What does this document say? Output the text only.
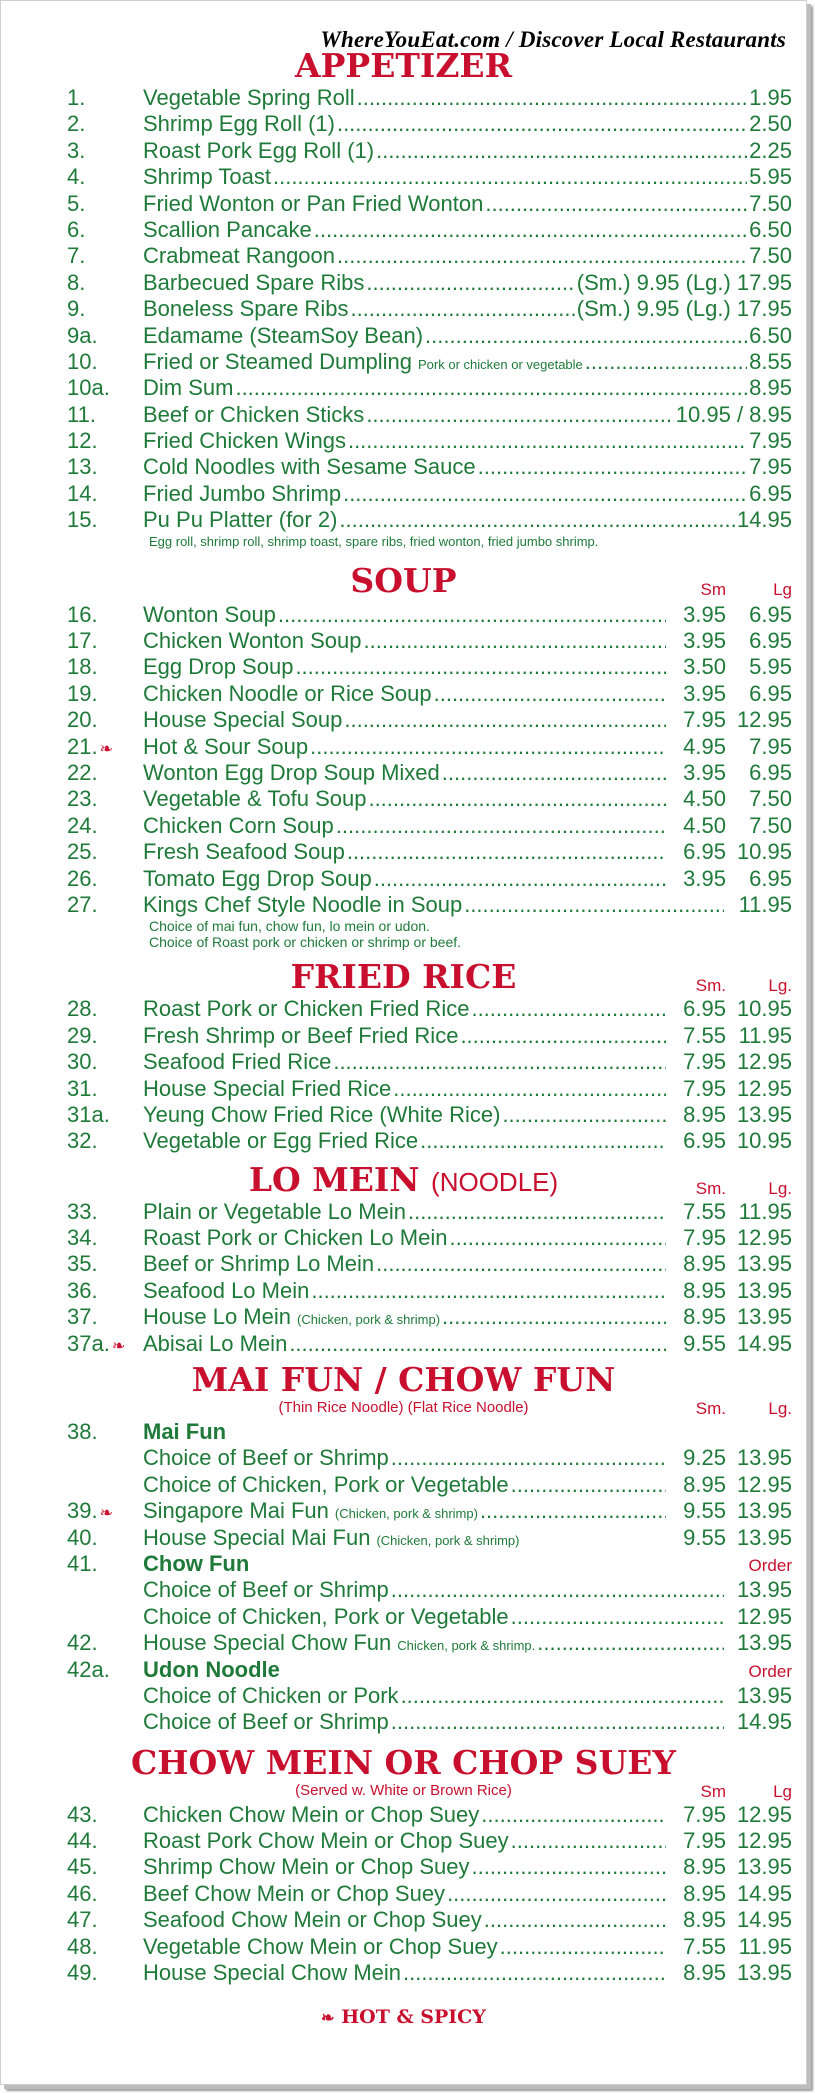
WhereYouEat.com / Discover Local Restaurants
APPETIZER
1.	Vegetable Spring Roll .....	1.95
2.	Shrimp Egg Roll (1) .....	2.50
3.	Roast Pork Egg Roll (1) .....	2.25
4.	Shrimp Toast .....	5.95
5.	Fried Wonton or Pan Fried Wonton .....	7.50
6.	Scallion Pancake .....	6.50
7.	Crabmeat Rangoon .....	7.50
8.	Barbecued Spare Ribs .....	(Sm.) 9.95 (Lg.) 17.95
9.	Boneless Spare Ribs .....	(Sm.) 9.95 (Lg.) 17.95
9a.	Edamame (SteamSoy Bean) .....	6.50
10.	Fried or Steamed Dumpling Pork or chicken or vegetable .....	8.55
10a.	Dim Sum .....	8.95
11.	Beef or Chicken Sticks .....	10.95 / 8.95
12.	Fried Chicken Wings .....	7.95
13.	Cold Noodles with Sesame Sauce .....	7.95
14.	Fried Jumbo Shrimp .....	6.95
15.	Pu Pu Platter (for 2) .....	14.95
Egg roll, shrimp roll, shrimp toast, spare ribs, fried wonton, fried jumbo shrimp.
SOUP	Sm	Lg
16.	Wonton Soup .....	3.95	6.95
17.	Chicken Wonton Soup .....	3.95	6.95
18.	Egg Drop Soup .....	3.50	5.95
19.	Chicken Noodle or Rice Soup .....	3.95	6.95
20.	House Special Soup .....	7.95 12.95
21. ❧	Hot & Sour Soup .....	4.95	7.95
22.	Wonton Egg Drop Soup Mixed .....	3.95	6.95
23.	Vegetable & Tofu Soup .....	4.50	7.50
24.	Chicken Corn Soup .....	4.50	7.50
25.	Fresh Seafood Soup .....	6.95 10.95
26.	Tomato Egg Drop Soup .....	3.95	6.95
27.	Kings Chef Style Noodle in Soup .....	11.95
Choice of mai fun, chow fun, lo mein or udon.
Choice of Roast pork or chicken or shrimp or beef.
FRIED RICE	Sm.	Lg.
28.	Roast Pork or Chicken Fried Rice .....	6.95 10.95
29.	Fresh Shrimp or Beef Fried Rice .....	7.55 11.95
30.	Seafood Fried Rice .....	7.95 12.95
31.	House Special Fried Rice .....	7.95 12.95
31a.	Yeung Chow Fried Rice (White Rice) .....	8.95 13.95
32.	Vegetable or Egg Fried Rice .....	6.95 10.95
LO MEIN (NOODLE)	Sm.	Lg.
33.	Plain or Vegetable Lo Mein .....	7.55 11.95
34.	Roast Pork or Chicken Lo Mein .....	7.95 12.95
35.	Beef or Shrimp Lo Mein .....	8.95 13.95
36.	Seafood Lo Mein .....	8.95 13.95
37.	House Lo Mein (Chicken, pork & shrimp) .....	8.95 13.95
37a. ❧ Abisai Lo Mein .....	9.55 14.95
MAI FUN / CHOW FUN
(Thin Rice Noodle) (Flat Rice Noodle)	Sm.	Lg.
38.	Mai Fun
Choice of Beef or Shrimp .....	9.25 13.95
Choice of Chicken, Pork or Vegetable .....	8.95 12.95
39. ❧	Singapore Mai Fun (Chicken, pork & shrimp) .....	9.55 13.95
40.	House Special Mai Fun (Chicken, pork & shrimp)	9.55 13.95
41.	Chow Fun	Order
Choice of Beef or Shrimp .....	13.95
Choice of Chicken, Pork or Vegetable .....	12.95
42.	House Special Chow Fun Chicken, pork & shrimp. .....	13.95
42a.	Udon Noodle	Order
Choice of Chicken or Pork .....	13.95
Choice of Beef or Shrimp .....	14.95
CHOW MEIN OR CHOP SUEY
(Served w. White or Brown Rice)	Sm	Lg
43.	Chicken Chow Mein or Chop Suey .....	7.95 12.95
44.	Roast Pork Chow Mein or Chop Suey .....	7.95 12.95
45.	Shrimp Chow Mein or Chop Suey .....	8.95 13.95
46.	Beef Chow Mein or Chop Suey .....	8.95 14.95
47.	Seafood Chow Mein or Chop Suey .....	8.95 14.95
48.	Vegetable Chow Mein or Chop Suey .....	7.55 11.95
49.	House Special Chow Mein .....	8.95 13.95
❧ HOT & SPICY
